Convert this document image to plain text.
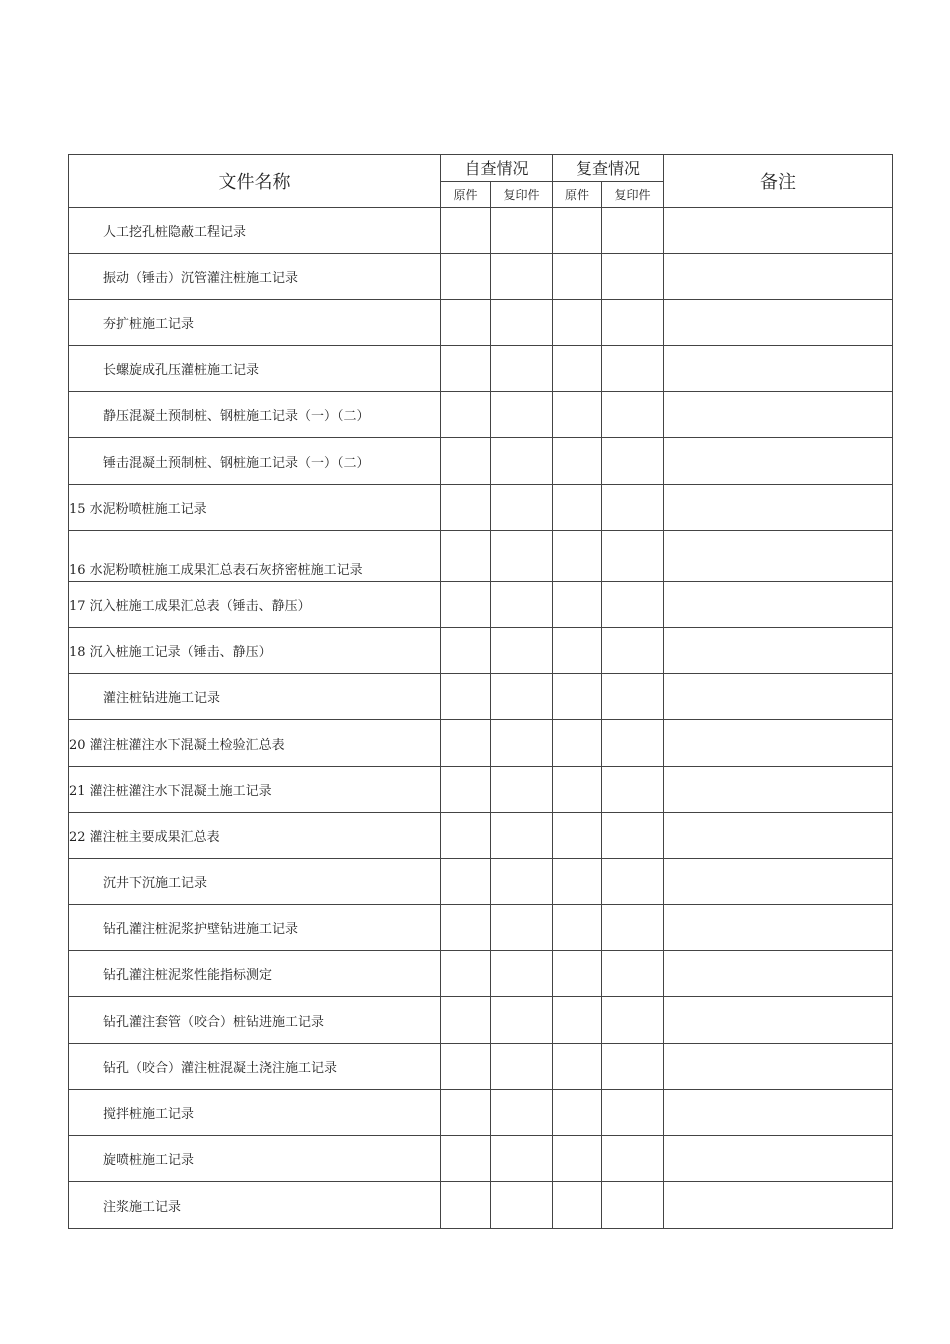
文件名称	自查情况		复查情况		备注
	原件	复印件	原件	复印件	
人工挖孔桩隐蔽工程记录					
振动（锤击）沉管灌注桩施工记录					
夯扩桩施工记录					
长螺旋成孔压灌桩施工记录					
静压混凝土预制桩、钢桩施工记录（一）（二）					
锤击混凝土预制桩、钢桩施工记录（一）（二）					
15 水泥粉喷桩施工记录					
16 水泥粉喷桩施工成果汇总表石灰挤密桩施工记录					
17 沉入桩施工成果汇总表（锤击、静压）					
18 沉入桩施工记录（锤击、静压）					
灌注桩钻进施工记录					
20 灌注桩灌注水下混凝土检验汇总表					
21 灌注桩灌注水下混凝土施工记录					
22 灌注桩主要成果汇总表					
沉井下沉施工记录					
钻孔灌注桩泥浆护壁钻进施工记录					
钻孔灌注桩泥浆性能指标测定					
钻孔灌注套管（咬合）桩钻进施工记录					
钻孔（咬合）灌注桩混凝土浇注施工记录					
搅拌桩施工记录					
旋喷桩施工记录					
注浆施工记录					
